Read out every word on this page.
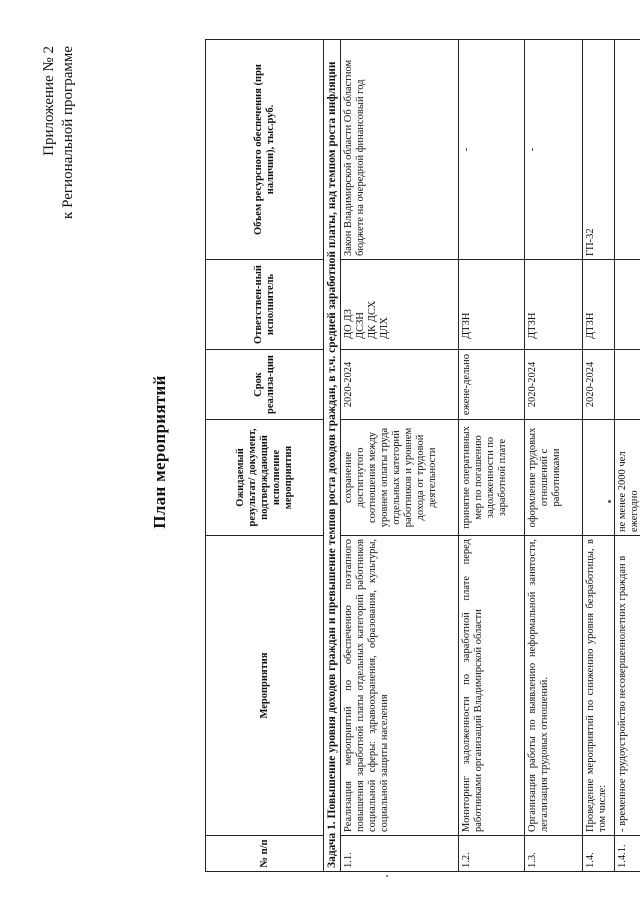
Приложение № 2 к Региональной программе
План мероприятий
№ п/п	Мероприятия	Ожидаемый результат/ документ, подтверждающий исполнение мероприятия	Срок реализа-ции	Ответствен-ный исполнитель	Объем ресурсного обеспечения (при наличии), тыс.руб.
Задача 1. Повышение уровня доходов граждан и превышение темпов роста доходов граждан, в т.ч. средней заработной платы, над темпом роста инфляции					
1.1.	Реализация мероприятий по обеспечению поэтапного повышения заработной платы отдельных категорий работников социальной сферы: здравоохранения, образования, культуры, социальной защиты населения	сохранение достигнутого соотношения между уровнем оплаты труда отдельных категорий работников и уровнем дохода от трудовой деятельности	2020-2024	ДО ДЗ ДСЗН ДК ДСХ ДЛХ	Закон Владимирской области Об областном бюджете на очередной финансовый год
1.2.	Мониторинг задолженности по заработной плате перед работниками организаций Владимирской области	принятие оперативных мер по погашению задолженности по заработной плате	ежене-дельно	ДТЗН	-
1.3.	Организация работы по выявлению неформальной занятости, легализация трудовых отношений.	оформление трудовых отношений с работниками	2020-2024	ДТЗН	-
1.4.	Проведение мероприятий по снижению уровня безработицы, в том числе:		2020-2024	ДТЗН	ГП-32
1.4.1.	- временное трудоустройство несовершеннолетних граждан в	не менее 2000 чел ежегодно			
